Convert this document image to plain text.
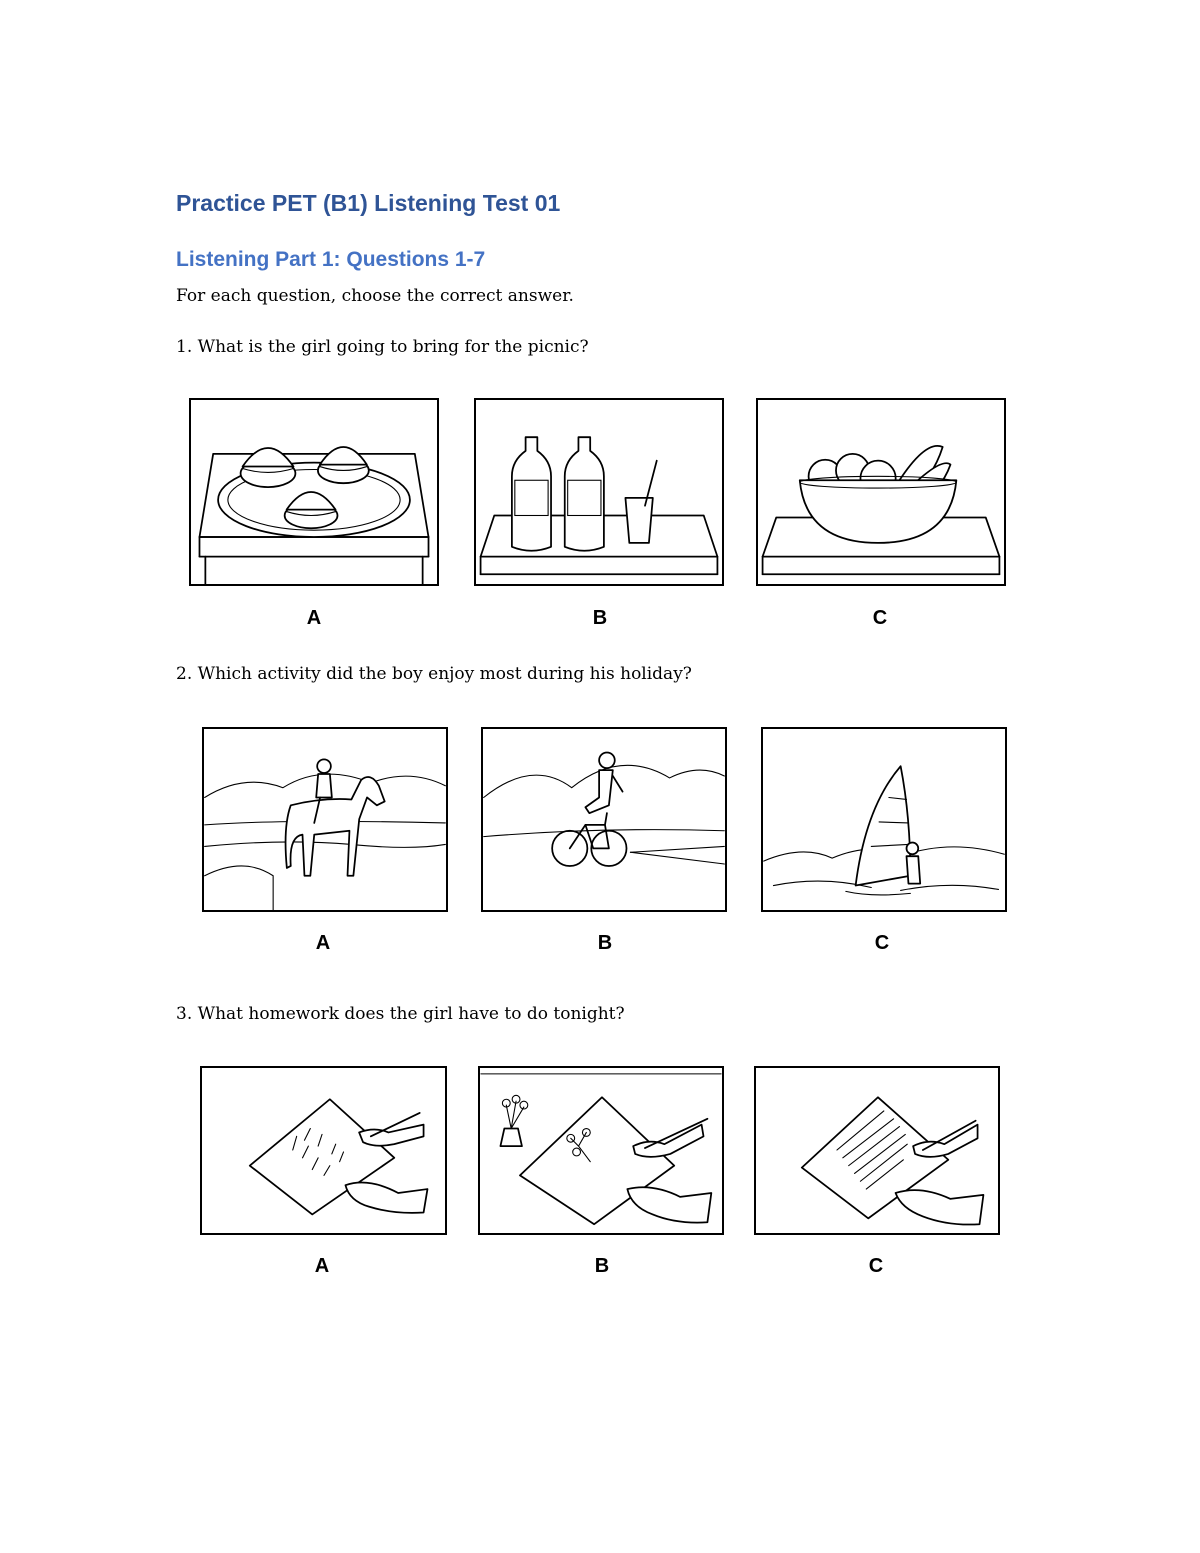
Practice PET (B1) Listening Test 01
Listening Part 1: Questions 1-7
For each question, choose the correct answer.
1. What is the girl going to bring for the picnic?
A	B	C
2. Which activity did the boy enjoy most during his holiday?
A	B	C
3. What homework does the girl have to do tonight?
A	B	C
